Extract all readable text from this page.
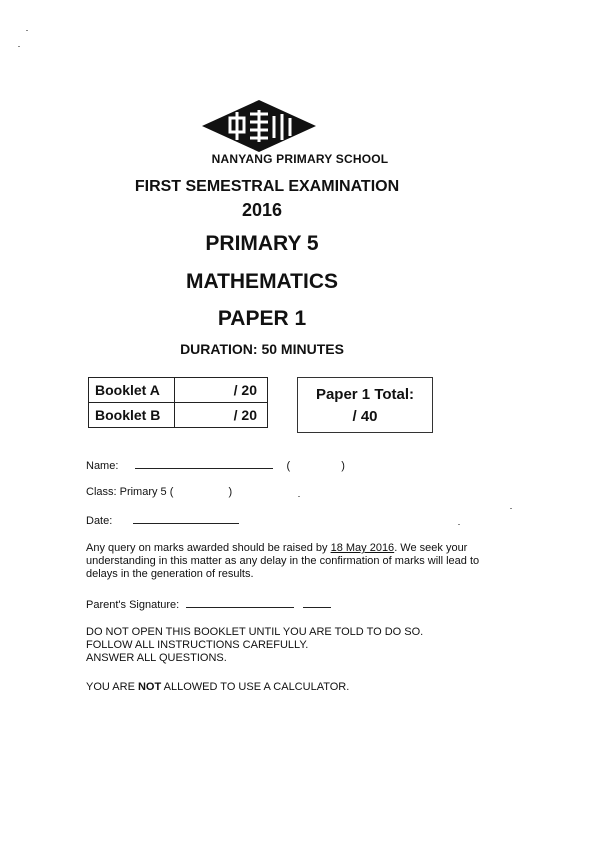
NANYANG PRIMARY SCHOOL
FIRST SEMESTRAL EXAMINATION
2016
PRIMARY 5
MATHEMATICS
PAPER 1
DURATION: 50 MINUTES
Booklet A	/ 20
Booklet B	/ 20
Paper 1 Total:
/ 40
Name:	(	)
Class: Primary 5 (	)
Date:
Any query on marks awarded should be raised by 18 May 2016. We seek your understanding in this matter as any delay in the confirmation of marks will lead to delays in the generation of results.
Parent's Signature:
DO NOT OPEN THIS BOOKLET UNTIL YOU ARE TOLD TO DO SO.
FOLLOW ALL INSTRUCTIONS CAREFULLY.
ANSWER ALL QUESTIONS.
YOU ARE NOT ALLOWED TO USE A CALCULATOR.
